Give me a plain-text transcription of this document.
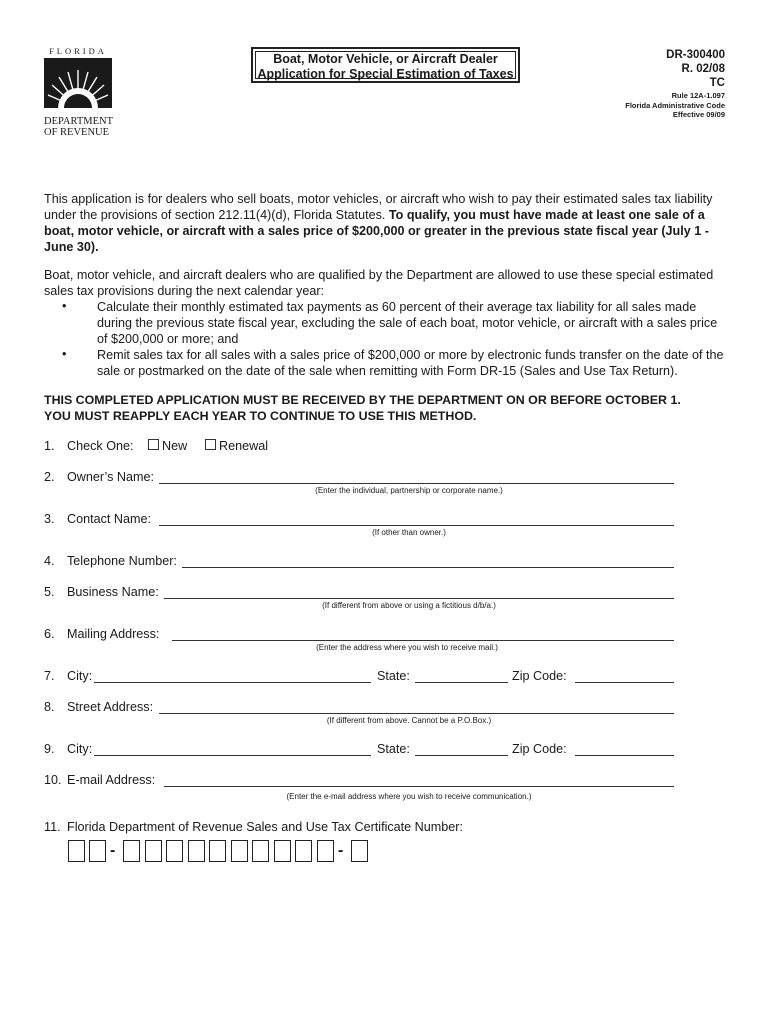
FLORIDA
DEPARTMENT
OF REVENUE
Boat, Motor Vehicle, or Aircraft Dealer
Application for Special Estimation of Taxes
DR-300400
R. 02/08
TC
Rule 12A-1.097
Florida Administrative Code
Effective 09/09
This application is for dealers who sell boats, motor vehicles, or aircraft who wish to pay their estimated sales tax liability under the provisions of section 212.11(4)(d), Florida Statutes. To qualify, you must have made at least one sale of a boat, motor vehicle, or aircraft with a sales price of $200,000 or greater in the previous state fiscal year (July 1 - June 30).
Boat, motor vehicle, and aircraft dealers who are qualified by the Department are allowed to use these special estimated sales tax provisions during the next calendar year:
• Calculate their monthly estimated tax payments as 60 percent of their average tax liability for all sales made during the previous state fiscal year, excluding the sale of each boat, motor vehicle, or aircraft with a sales price of $200,000 or more; and
• Remit sales tax for all sales with a sales price of $200,000 or more by electronic funds transfer on the date of the sale or postmarked on the date of the sale when remitting with Form DR-15 (Sales and Use Tax Return).
THIS COMPLETED APPLICATION MUST BE RECEIVED BY THE DEPARTMENT ON OR BEFORE OCTOBER 1.
YOU MUST REAPPLY EACH YEAR TO CONTINUE TO USE THIS METHOD.
1. Check One: New	Renewal
2. Owner’s Name:
(Enter the individual, partnership or corporate name.)
3. Contact Name:
(If other than owner.)
4. Telephone Number:
5. Business Name:
(If different from above or using a fictitious d/b/a.)
6. Mailing Address:
(Enter the address where you wish to receive mail.)
7. City:	State:	Zip Code:
8. Street Address:
(If different from above. Cannot be a P.O.Box.)
9. City:	State:	Zip Code:
10. E-mail Address:
(Enter the e-mail address where you wish to receive communication.)
11. Florida Department of Revenue Sales and Use Tax Certificate Number:
-	-
